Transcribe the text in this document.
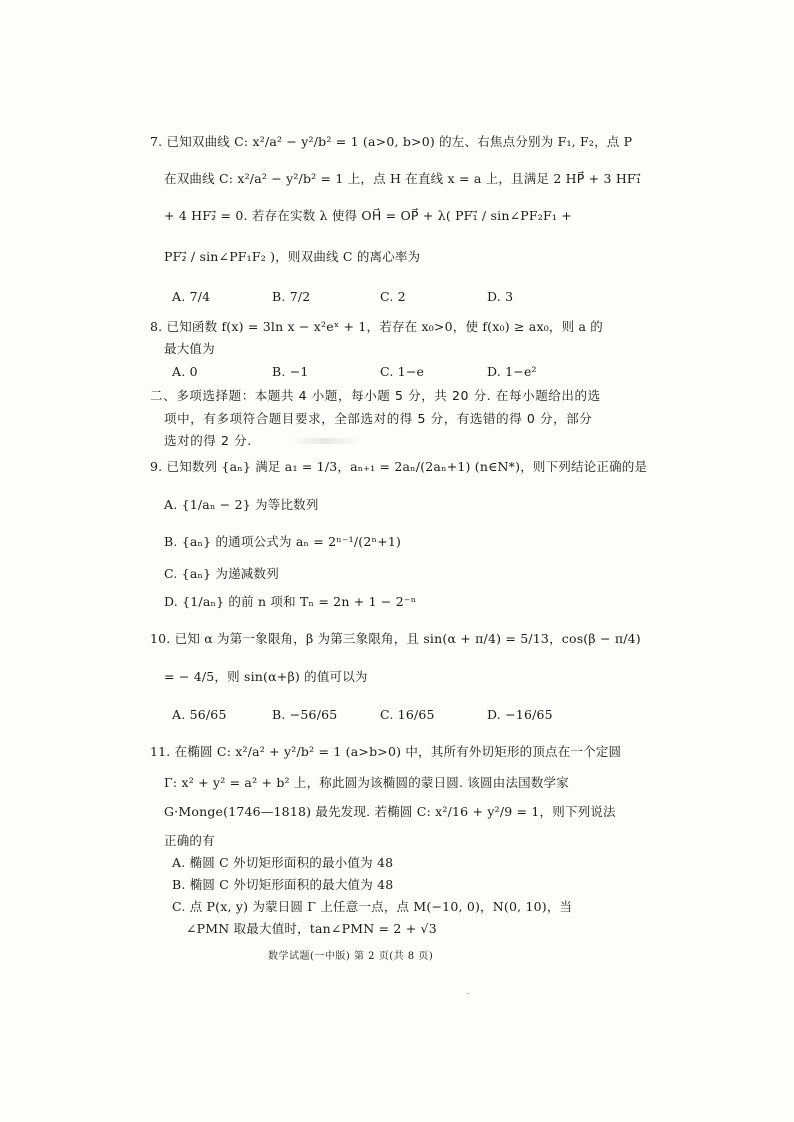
7. 已知双曲线 C: x²/a² − y²/b² = 1 (a>0, b>0) 的左、右焦点分别为 F₁, F₂，点 P
在双曲线 C: x²/a² − y²/b² = 1 上，点 H 在直线 x = a 上，且满足 2 HP⃗ + 3 HF₁⃗
+ 4 HF₂⃗ = 0. 若存在实数 λ 使得 OH⃗ = OP⃗ + λ( PF₁⃗ / sin∠PF₂F₁ +
PF₂⃗ / sin∠PF₁F₂ )，则双曲线 C 的离心率为
A. 7/4	B. 7/2	C. 2	D. 3
8. 已知函数 f(x) = 3ln x − x²eˣ + 1，若存在 x₀>0，使 f(x₀) ≥ ax₀，则 a 的
最大值为
A. 0	B. −1	C. 1−e	D. 1−e²
二、多项选择题：本题共 4 小题，每小题 5 分，共 20 分. 在每小题给出的选
项中，有多项符合题目要求，全部选对的得 5 分，有选错的得 0 分，部分
选对的得 2 分.
9. 已知数列 {aₙ} 满足 a₁ = 1/3，aₙ₊₁ = 2aₙ/(2aₙ+1) (n∈N*)，则下列结论正确的是
A. {1/aₙ − 2} 为等比数列
B. {aₙ} 的通项公式为 aₙ = 2ⁿ⁻¹/(2ⁿ+1)
C. {aₙ} 为递减数列
D. {1/aₙ} 的前 n 项和 Tₙ = 2n + 1 − 2⁻ⁿ
10. 已知 α 为第一象限角，β 为第三象限角，且 sin(α + π/4) = 5/13，cos(β − π/4)
= − 4/5，则 sin(α+β) 的值可以为
A. 56/65	B. −56/65	C. 16/65	D. −16/65
11. 在椭圆 C: x²/a² + y²/b² = 1 (a>b>0) 中，其所有外切矩形的顶点在一个定圆
Γ: x² + y² = a² + b² 上，称此圆为该椭圆的蒙日圆. 该圆由法国数学家
G·Monge(1746—1818) 最先发现. 若椭圆 C: x²/16 + y²/9 = 1，则下列说法
正确的有
A. 椭圆 C 外切矩形面积的最小值为 48
B. 椭圆 C 外切矩形面积的最大值为 48
C. 点 P(x, y) 为蒙日圆 Γ 上任意一点，点 M(−10, 0)，N(0, 10)，当
∠PMN 取最大值时，tan∠PMN = 2 + √3
数学试题(一中版) 第 2 页(共 8 页)
